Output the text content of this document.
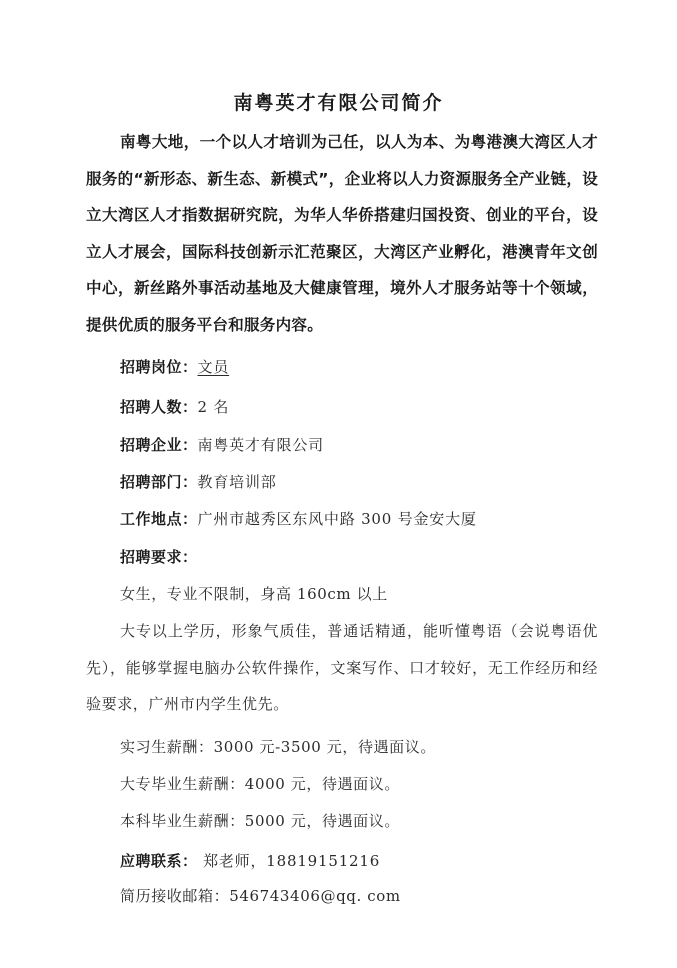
南粤英才有限公司简介
南粤大地，一个以人才培训为己任，以人为本、为粤港澳大湾区人才服务的“新形态、新生态、新模式”，企业将以人力资源服务全产业链，设立大湾区人才指数据研究院，为华人华侨搭建归国投资、创业的平台，设立人才展会，国际科技创新示汇范聚区，大湾区产业孵化，港澳青年文创中心，新丝路外事活动基地及大健康管理，境外人才服务站等十个领域，提供优质的服务平台和服务内容。
招聘岗位：文员
招聘人数：2 名
招聘企业：南粤英才有限公司
招聘部门：教育培训部
工作地点：广州市越秀区东风中路 300 号金安大厦
招聘要求：
女生，专业不限制，身高 160cm 以上
大专以上学历，形象气质佳，普通话精通，能听懂粤语（会说粤语优先），能够掌握电脑办公软件操作，文案写作、口才较好，无工作经历和经验要求，广州市内学生优先。
实习生薪酬：3000 元-3500 元，待遇面议。
大专毕业生薪酬：4000 元，待遇面议。
本科毕业生薪酬：5000 元，待遇面议。
应聘联系： 郑老师，18819151216
简历接收邮箱：546743406@qq. com
